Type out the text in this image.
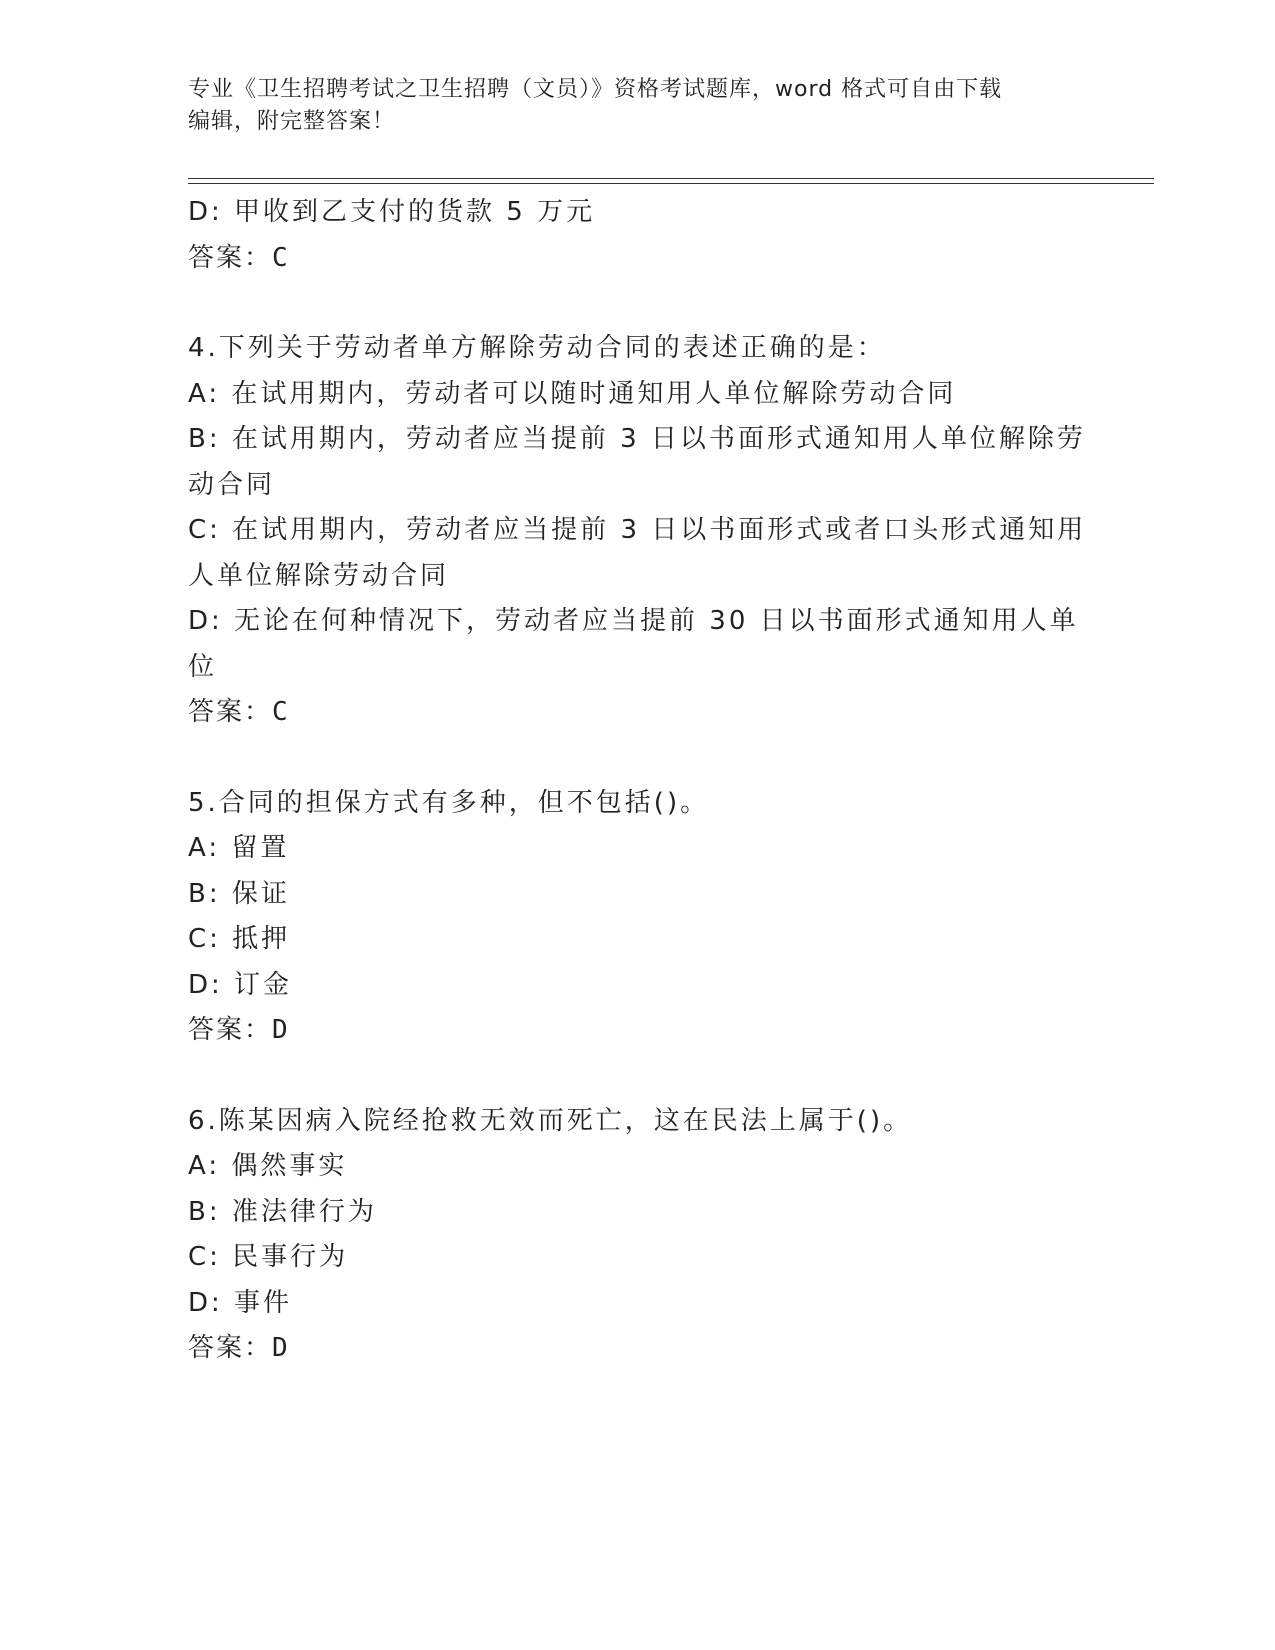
专业《卫生招聘考试之卫生招聘（文员）》资格考试题库，word 格式可自由下载
编辑，附完整答案！
D: 甲收到乙支付的货款 5 万元
答案：C
4.下列关于劳动者单方解除劳动合同的表述正确的是：
A: 在试用期内，劳动者可以随时通知用人单位解除劳动合同
B: 在试用期内，劳动者应当提前 3 日以书面形式通知用人单位解除劳
动合同
C: 在试用期内，劳动者应当提前 3 日以书面形式或者口头形式通知用
人单位解除劳动合同
D: 无论在何种情况下，劳动者应当提前 30 日以书面形式通知用人单
位
答案：C
5.合同的担保方式有多种，但不包括()。
A: 留置
B: 保证
C: 抵押
D: 订金
答案：D
6.陈某因病入院经抢救无效而死亡，这在民法上属于()。
A: 偶然事实
B: 准法律行为
C: 民事行为
D: 事件
答案：D
